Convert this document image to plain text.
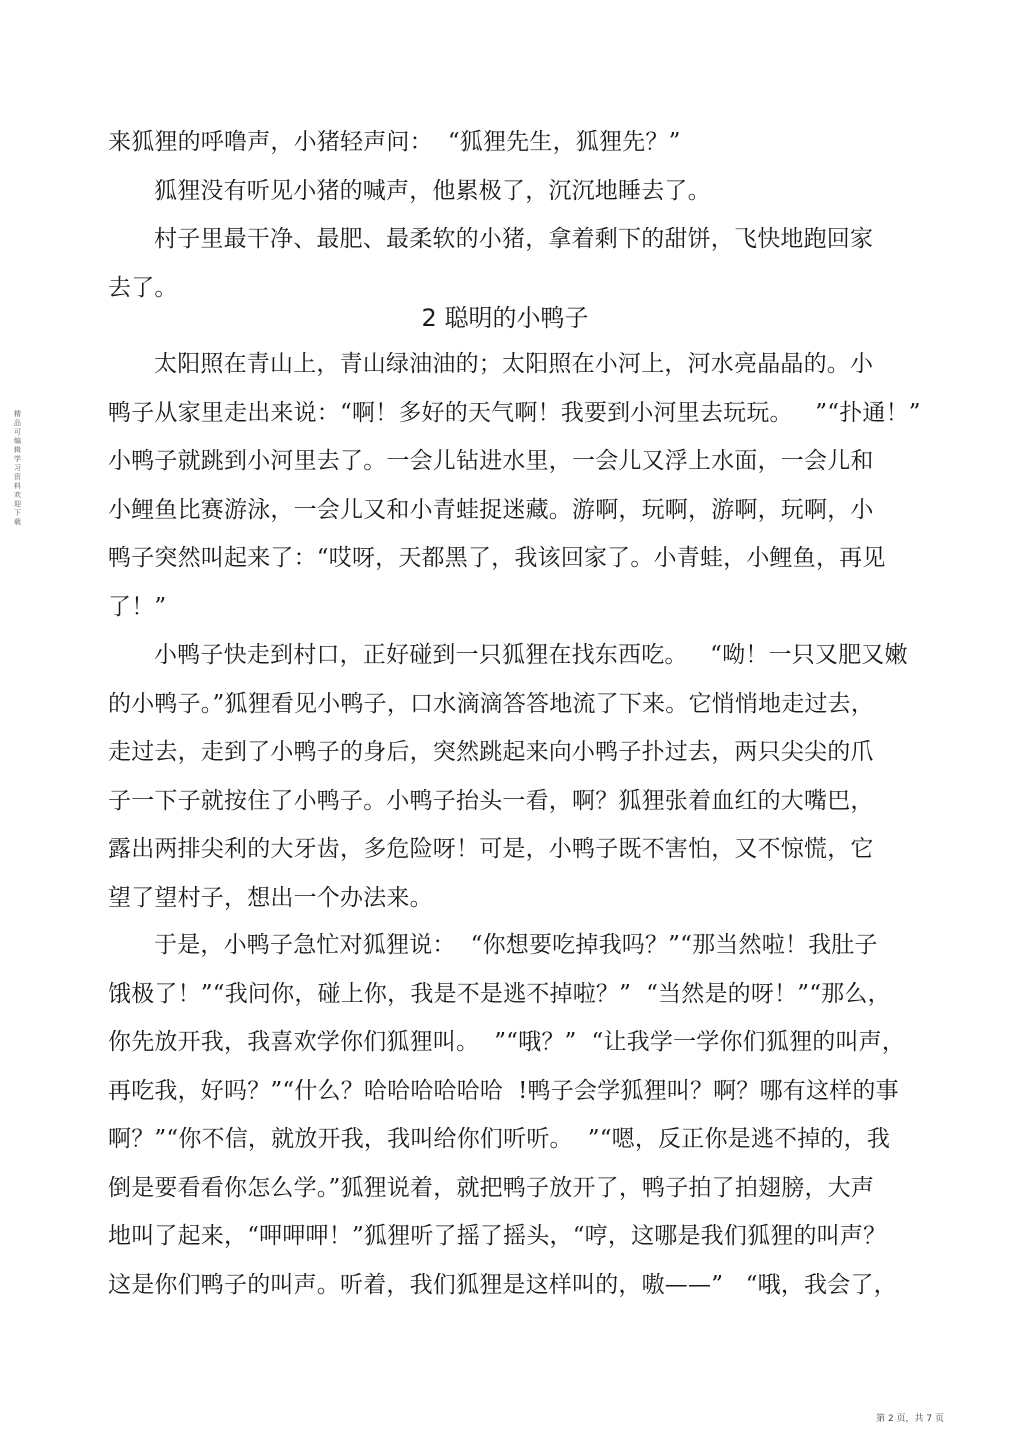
来狐狸的呼噜声，小猪轻声问：  “狐狸先生，狐狸先？”
狐狸没有听见小猪的喊声，他累极了，沉沉地睡去了。
村子里最干净、最肥、最柔软的小猪，拿着剩下的甜饼，飞快地跑回家
去了。
2 聪明的小鸭子
太阳照在青山上，青山绿油油的；太阳照在小河上，河水亮晶晶的。小
鸭子从家里走出来说：“啊！多好的天气啊！我要到小河里去玩玩。   ”“扑通！”
小鸭子就跳到小河里去了。一会儿钻进水里，一会儿又浮上水面，一会儿和
小鲤鱼比赛游泳，一会儿又和小青蛙捉迷藏。游啊，玩啊，游啊，玩啊，小
鸭子突然叫起来了：“哎呀，天都黑了，我该回家了。小青蛙，小鲤鱼，再见
了！”
小鸭子快走到村口，正好碰到一只狐狸在找东西吃。   “呦！一只又肥又嫩
的小鸭子。”狐狸看见小鸭子，口水滴滴答答地流了下来。它悄悄地走过去，
走过去，走到了小鸭子的身后，突然跳起来向小鸭子扑过去，两只尖尖的爪
子一下子就按住了小鸭子。小鸭子抬头一看，啊？狐狸张着血红的大嘴巴，
露出两排尖利的大牙齿，多危险呀！可是，小鸭子既不害怕，又不惊慌，它
望了望村子，想出一个办法来。
于是，小鸭子急忙对狐狸说：  “你想要吃掉我吗？”“那当然啦！我肚子
饿极了！”“我问你，碰上你，我是不是逃不掉啦？”  “当然是的呀！”“那么，
你先放开我，我喜欢学你们狐狸叫。  ”“哦？”  “让我学一学你们狐狸的叫声，
再吃我，好吗？”“什么？哈哈哈哈哈哈  !鸭子会学狐狸叫？啊？哪有这样的事
啊？”“你不信，就放开我，我叫给你们听听。  ”“嗯，反正你是逃不掉的，我
倒是要看看你怎么学。”狐狸说着，就把鸭子放开了，鸭子拍了拍翅膀，大声
地叫了起来，“呷呷呷！”狐狸听了摇了摇头，“哼，这哪是我们狐狸的叫声？
这是你们鸭子的叫声。听着，我们狐狸是这样叫的，嗷——”   “哦，我会了，
精品可编辑学习资料 欢迎下载
第 2 页，共 7 页
